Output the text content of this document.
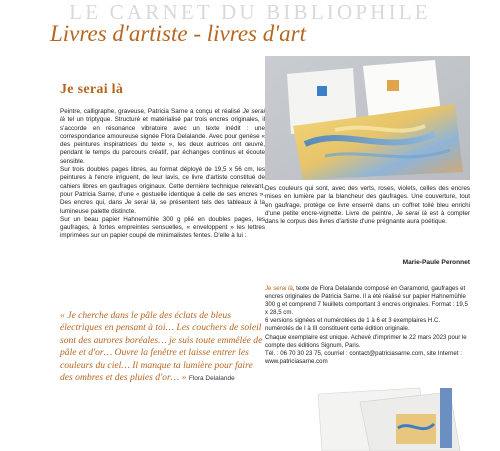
LE CARNET DU BIBLIOPHILE
Livres d'artiste - livres d'art
Je serai là

Peintre, calligraphe, graveuse, Patricia Sarne a conçu et réalisé Je serai là tel un triptyque. Structuré et matérialisé par trois encres originales, il s'accorde en résonance vibratoire avec un texte inédit : une correspondance amoureuse signée Flora Delalande. Avec pour genèse « des peintures inspiratrices du texte », les deux autrices ont œuvré, pendant le temps du parcours créatif, par échanges continus et écoute sensible.

Sur trois doubles pages libres, au format déployé de 19,5 x 56 cm, les peintures à l'encre irriguent, de leur lavis, ce livre d'artiste constitué de cahiers libres en gaufrages originaux. Cette dernière technique relevant, pour Patricia Sarne, d'une « gestuelle identique à celle de ses encres ». Des encres qui, dans Je serai là, se présentent tels des tableaux à la lumineuse palette distincte.

Sur un beau papier Hahnemühle 300 g plié en doubles pages, les gaufrages, à fortes empreintes sensuelles, « enveloppent » les lettres imprimées sur un papier coupé de minimalistes fentes. D'elle à lui :

« Je cherche dans le pâle des éclats de bleus électriques en pensant à toi… Les couchers de soleil sont des aurores boréales… je suis toute emmêlée de pâle et d'or… Ouvre la fenêtre et laisse entrer les couleurs du ciel… Il manque ta lumière pour faire des ombres et des pluies d'or… » Flora Delalande
Des couleurs qui sont, avec des verts, roses, violets, celles des encres mises en lumière par la blancheur des gaufrages. Une couverture, tout en gaufrage, protège ce livre enserré dans un coffret toilé bleu enrichi d'une petite encre-vignette. Livre de peintre, Je serai là est à compter dans le corpus des livres d'artiste d'une prégnante aura poétique.
Marie-Paule Peronnet
Je serai là, texte de Flora Delalande composé en Garamond, gaufrages et encres originales de Patricia Sarne. Il a été réalisé sur papier Hahnemühle 300 g et comprend 7 feuillets comportant 3 encres originales. Format : 19,5 x 28,5 cm.
6 versions signées et numérotées de 1 à 6 et 3 exemplaires H.C. numérotés de I à III constituent cette édition originale.
Chaque exemplaire est unique. Achevé d'imprimer le 22 mars 2023 pour le compte des éditions Signum, Paris.
Tél. : 06 70 30 23 75, courriel : contact@patriciasarne.com, site Internet : www.patriciasarne.com
